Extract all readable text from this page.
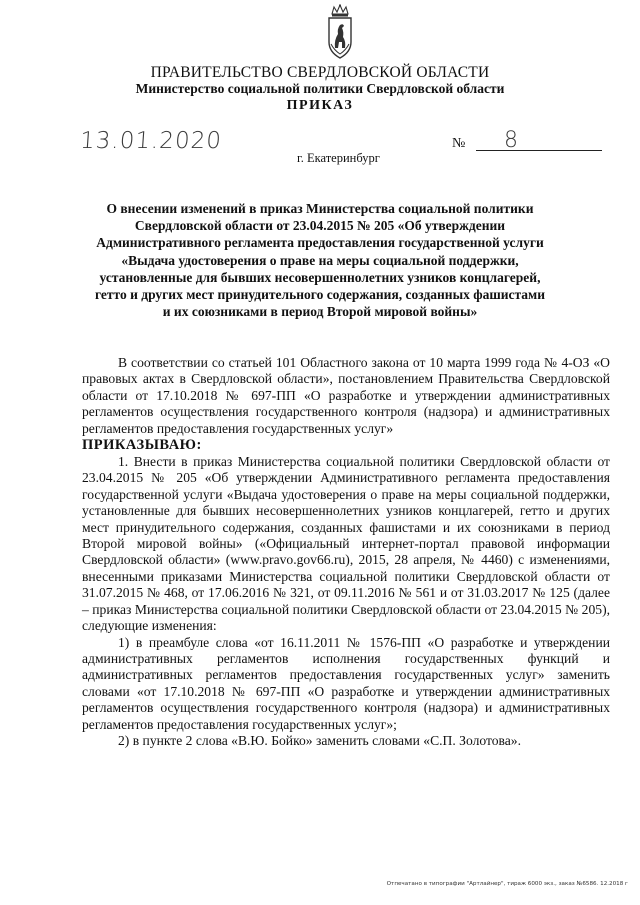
ПРАВИТЕЛЬСТВО СВЕРДЛОВСКОЙ ОБЛАСТИ
Министерство социальной политики Свердловской области
ПРИКАЗ
13.01.2020	№ 8
г. Екатеринбург
О внесении изменений в приказ Министерства социальной политики
Свердловской области от 23.04.2015 № 205 «Об утверждении
Административного регламента предоставления государственной услуги
«Выдача удостоверения о праве на меры социальной поддержки,
установленные для бывших несовершеннолетних узников концлагерей,
гетто и других мест принудительного содержания, созданных фашистами
и их союзниками в период Второй мировой войны»

В соответствии со статьей 101 Областного закона от 10 марта 1999 года № 4-ОЗ «О правовых актах в Свердловской области», постановлением Правительства Свердловской области от 17.10.2018 № 697-ПП «О разработке и утверждении административных регламентов осуществления государственного контроля (надзора) и административных регламентов предоставления государственных услуг»

ПРИКАЗЫВАЮ:

1. Внести в приказ Министерства социальной политики Свердловской области от 23.04.2015 № 205 «Об утверждении Административного регламента предоставления государственной услуги «Выдача удостоверения о праве на меры социальной поддержки, установленные для бывших несовершеннолетних узников концлагерей, гетто и других мест принудительного содержания, созданных фашистами и их союзниками в период Второй мировой войны» («Официальный интернет-портал правовой информации Свердловской области» (www.pravo.gov66.ru), 2015, 28 апреля, № 4460) с изменениями, внесенными приказами Министерства социальной политики Свердловской области от 31.07.2015 № 468, от 17.06.2016 № 321, от 09.11.2016 № 561 и от 31.03.2017 № 125 (далее – приказ Министерства социальной политики Свердловской области от 23.04.2015 № 205), следующие изменения:

1) в преамбуле слова «от 16.11.2011 № 1576-ПП «О разработке и утверждении административных регламентов исполнения государственных функций и административных регламентов предоставления государственных услуг» заменить словами «от 17.10.2018 № 697-ПП «О разработке и утверждении административных регламентов осуществления государственного контроля (надзора) и административных регламентов предоставления государственных услуг»;

2) в пункте 2 слова «В.Ю. Бойко» заменить словами «С.П. Золотова».

Отпечатано в типографии "Артлайнер", тираж 6000 экз., заказ №6586. 12.2018 г
